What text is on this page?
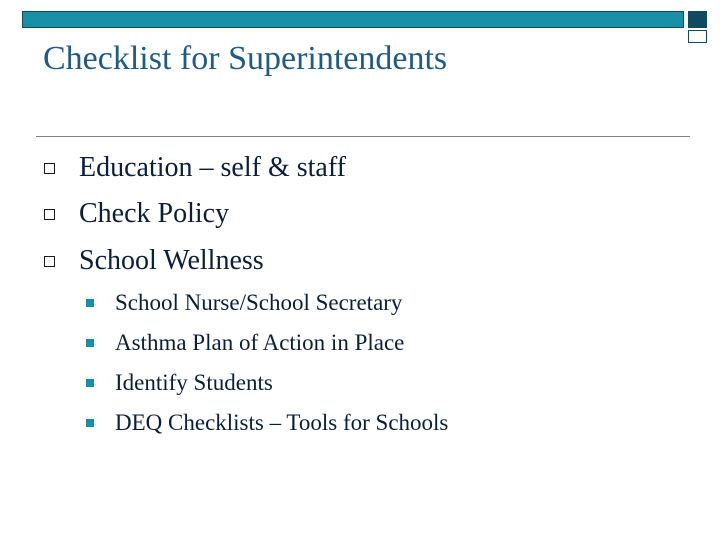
Checklist for Superintendents
Education – self & staff
Check Policy
School Wellness
School Nurse/School Secretary
Asthma Plan of Action in Place
Identify Students
DEQ Checklists – Tools for Schools
